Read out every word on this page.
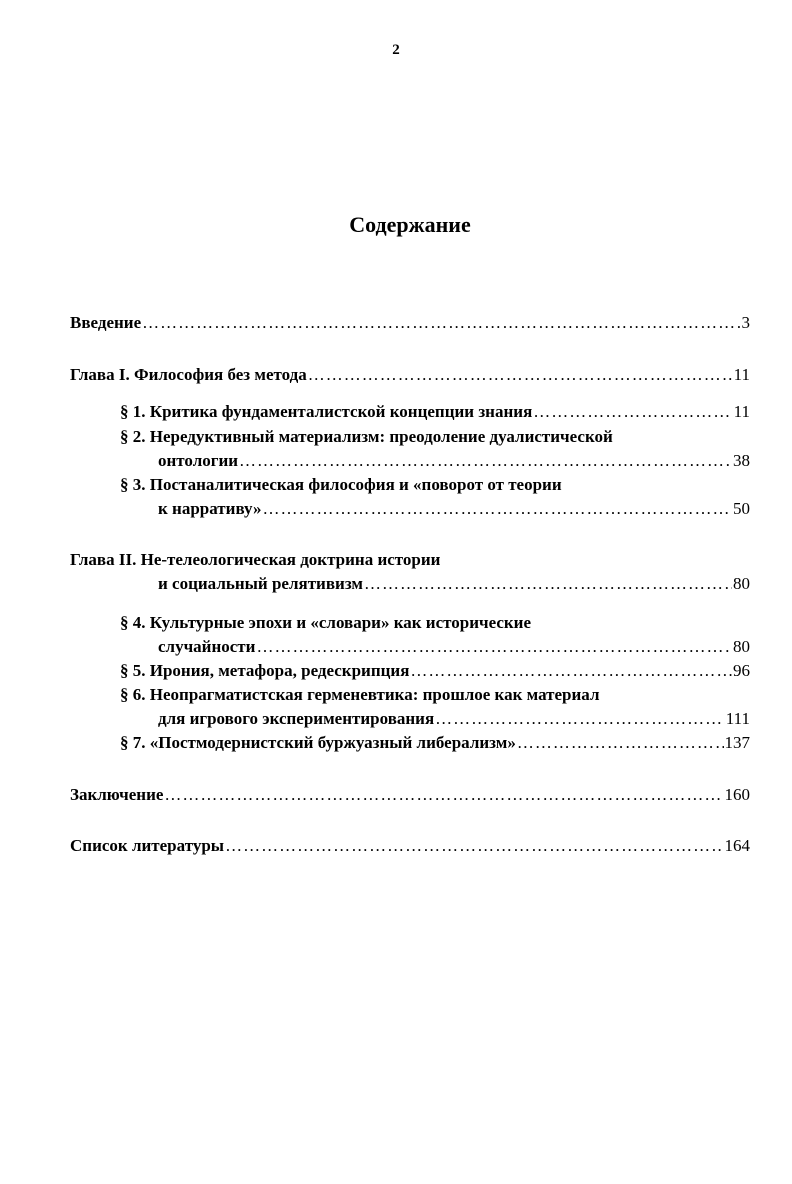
2
Содержание
Введение ……………………………………………………………………………………………………………………	3
Глава I. Философия без метода ……………………………………………………………………………………………………………………	11
§ 1. Критика фундаменталистской концепции знания ……………………………………………………………………………………………………………………	11
§ 2. Нередуктивный материализм: преодоление дуалистической
онтологии ……………………………………………………………………………………………………………………	38
§ 3. Постаналитическая философия и «поворот от теории
к нарративу» ……………………………………………………………………………………………………………………	50
Глава II. Не-телеологическая доктрина истории
и социальный релятивизм ……………………………………………………………………………………………………………………	80
§ 4. Культурные эпохи и «словари» как исторические
случайности ……………………………………………………………………………………………………………………	80
§ 5. Ирония, метафора, редескрипция ……………………………………………………………………………………………………………………	96
§ 6. Неопрагматистская герменевтика: прошлое как материал
для игрового экспериментирования ……………………………………………………………………………………………………………………	111
§ 7. «Постмодернистский буржуазный либерализм» ……………………………………………………………………………………………………………………	137
Заключение ……………………………………………………………………………………………………………………	160
Список литературы ……………………………………………………………………………………………………………………	164
